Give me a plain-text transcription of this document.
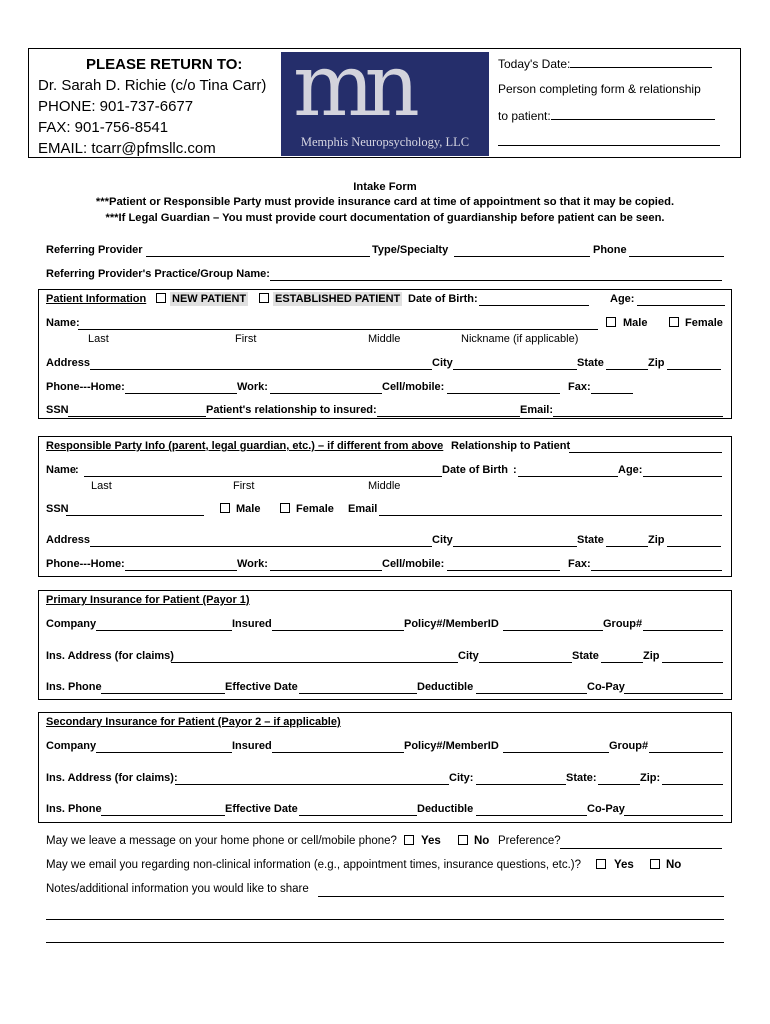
PLEASE RETURN TO:
Dr. Sarah D. Richie (c/o Tina Carr)
PHONE: 901-737-6677
FAX: 901-756-8541
EMAIL: tcarr@pfmsllc.com
mn
Memphis Neuropsychology, LLC
Today's Date:
Person completing form & relationship
to patient:
Intake Form
***Patient or Responsible Party must provide insurance card at time of appointment so that it may be copied.
***If Legal Guardian – You must provide court documentation of guardianship before patient can be seen.
Referring Provider	Type/Specialty	Phone
Referring Provider's Practice/Group Name:
Patient Information NEW PATIENT	ESTABLISHED PATIENT Date of Birth:	Age:
Name:	Male	Female
Last	First	Middle	Nickname (if applicable)
Address	City	State	Zip
Phone---Home:	Work:	Cell/mobile:	Fax:
SSN	Patient's relationship to insured:	Email:
Responsible Party Info (parent, legal guardian, etc.) – if different from above Relationship to Patient
Name :	Date of Birth :	Age:
Last	First	Middle
SSN	Male	Female Email
Address	City	State	Zip
Phone---Home :	Work:	Cell/mobile:	Fax:
Primary Insurance for Patient (Payor 1)
Company	Insured	Policy#/MemberID	Group#
Ins. Address (for claims)	City	State	Zip
Ins. Phone	Effective Date	Deductible	Co-Pay
Secondary Insurance for Patient (Payor 2 – if applicable)
Company	Insured	Policy#/MemberID	Group#
Ins. Address (for claims):	City:	State:	Zip:
Ins. Phone	Effective Date	Deductible	Co-Pay
May we leave a message on your home phone or cell/mobile phone? Yes	No Preference?
May we email you regarding non-clinical information (e.g., appointment times, insurance questions, etc.)?	Yes	No
Notes/additional information you would like to share
